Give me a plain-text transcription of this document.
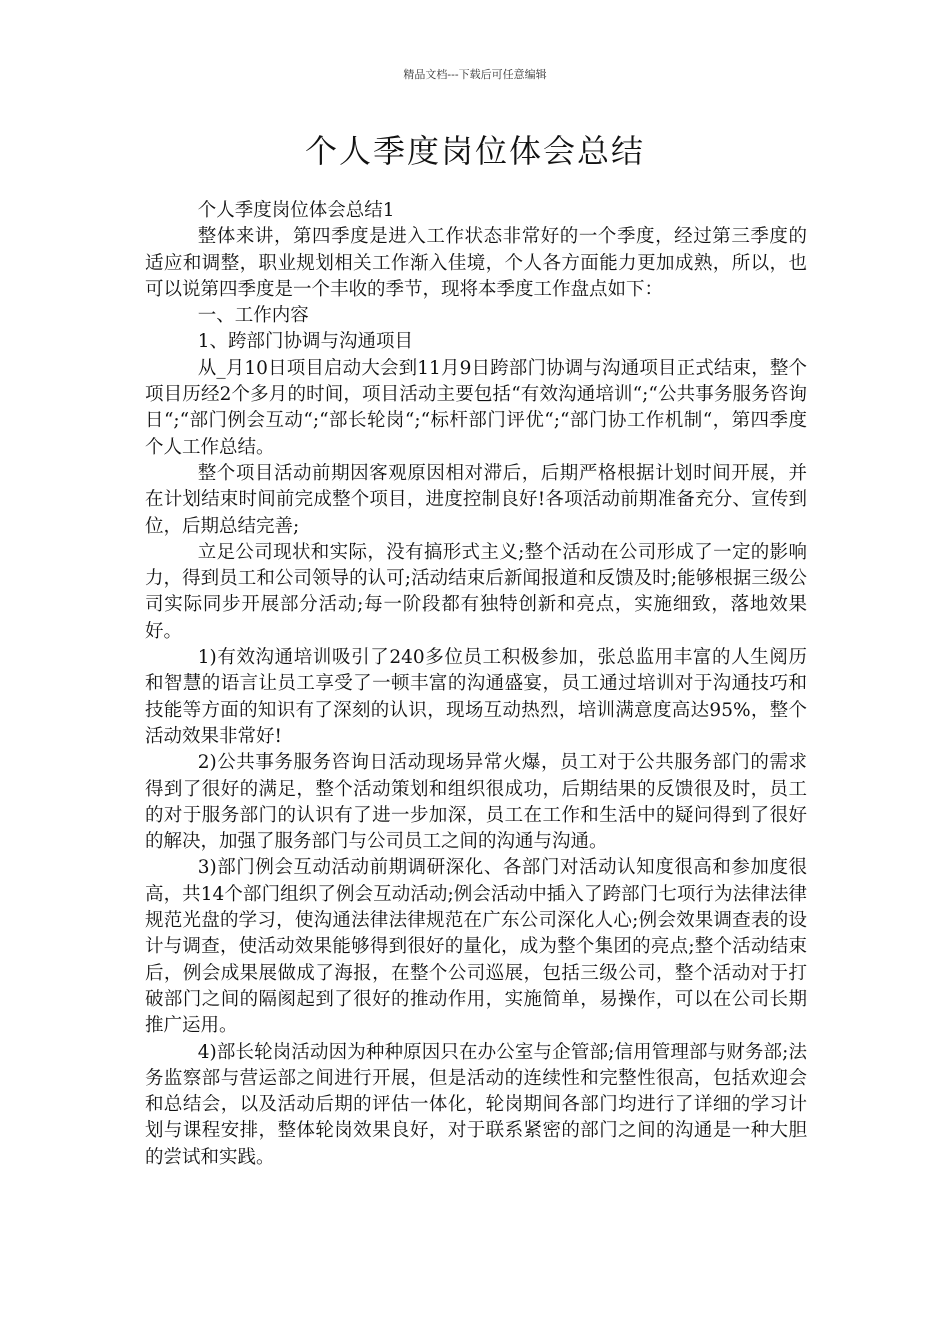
精品文档---下载后可任意编辑
个人季度岗位体会总结

个人季度岗位体会总结1

整体来讲，第四季度是进入工作状态非常好的一个季度，经过第三季度的适应和调整，职业规划相关工作渐入佳境，个人各方面能力更加成熟，所以，也可以说第四季度是一个丰收的季节，现将本季度工作盘点如下：

一、工作内容

1、跨部门协调与沟通项目

从_月10日项目启动大会到11月9日跨部门协调与沟通项目正式结束，整个项目历经2个多月的时间，项目活动主要包括“有效沟通培训“;“公共事务服务咨询日“;“部门例会互动“;“部长轮岗“;“标杆部门评优“;“部门协工作机制“，第四季度个人工作总结。

整个项目活动前期因客观原因相对滞后，后期严格根据计划时间开展，并在计划结束时间前完成整个项目，进度控制良好!各项活动前期准备充分、宣传到位，后期总结完善;

立足公司现状和实际，没有搞形式主义;整个活动在公司形成了一定的影响力，得到员工和公司领导的认可;活动结束后新闻报道和反馈及时;能够根据三级公司实际同步开展部分活动;每一阶段都有独特创新和亮点，实施细致，落地效果好。

1)有效沟通培训吸引了240多位员工积极参加，张总监用丰富的人生阅历和智慧的语言让员工享受了一顿丰富的沟通盛宴，员工通过培训对于沟通技巧和技能等方面的知识有了深刻的认识，现场互动热烈，培训满意度高达95%，整个活动效果非常好!

2)公共事务服务咨询日活动现场异常火爆，员工对于公共服务部门的需求得到了很好的满足，整个活动策划和组织很成功，后期结果的反馈很及时，员工的对于服务部门的认识有了进一步加深，员工在工作和生活中的疑问得到了很好的解决，加强了服务部门与公司员工之间的沟通与沟通。

3)部门例会互动活动前期调研深化、各部门对活动认知度很高和参加度很高，共14个部门组织了例会互动活动;例会活动中插入了跨部门七项行为法律法律规范光盘的学习，使沟通法律法律规范在广东公司深化人心;例会效果调查表的设计与调查，使活动效果能够得到很好的量化，成为整个集团的亮点;整个活动结束后，例会成果展做成了海报，在整个公司巡展，包括三级公司，整个活动对于打破部门之间的隔阂起到了很好的推动作用，实施简单，易操作，可以在公司长期推广运用。

4)部长轮岗活动因为种种原因只在办公室与企管部;信用管理部与财务部;法务监察部与营运部之间进行开展，但是活动的连续性和完整性很高，包括欢迎会和总结会，以及活动后期的评估一体化，轮岗期间各部门均进行了详细的学习计划与课程安排，整体轮岗效果良好，对于联系紧密的部门之间的沟通是一种大胆的尝试和实践。
